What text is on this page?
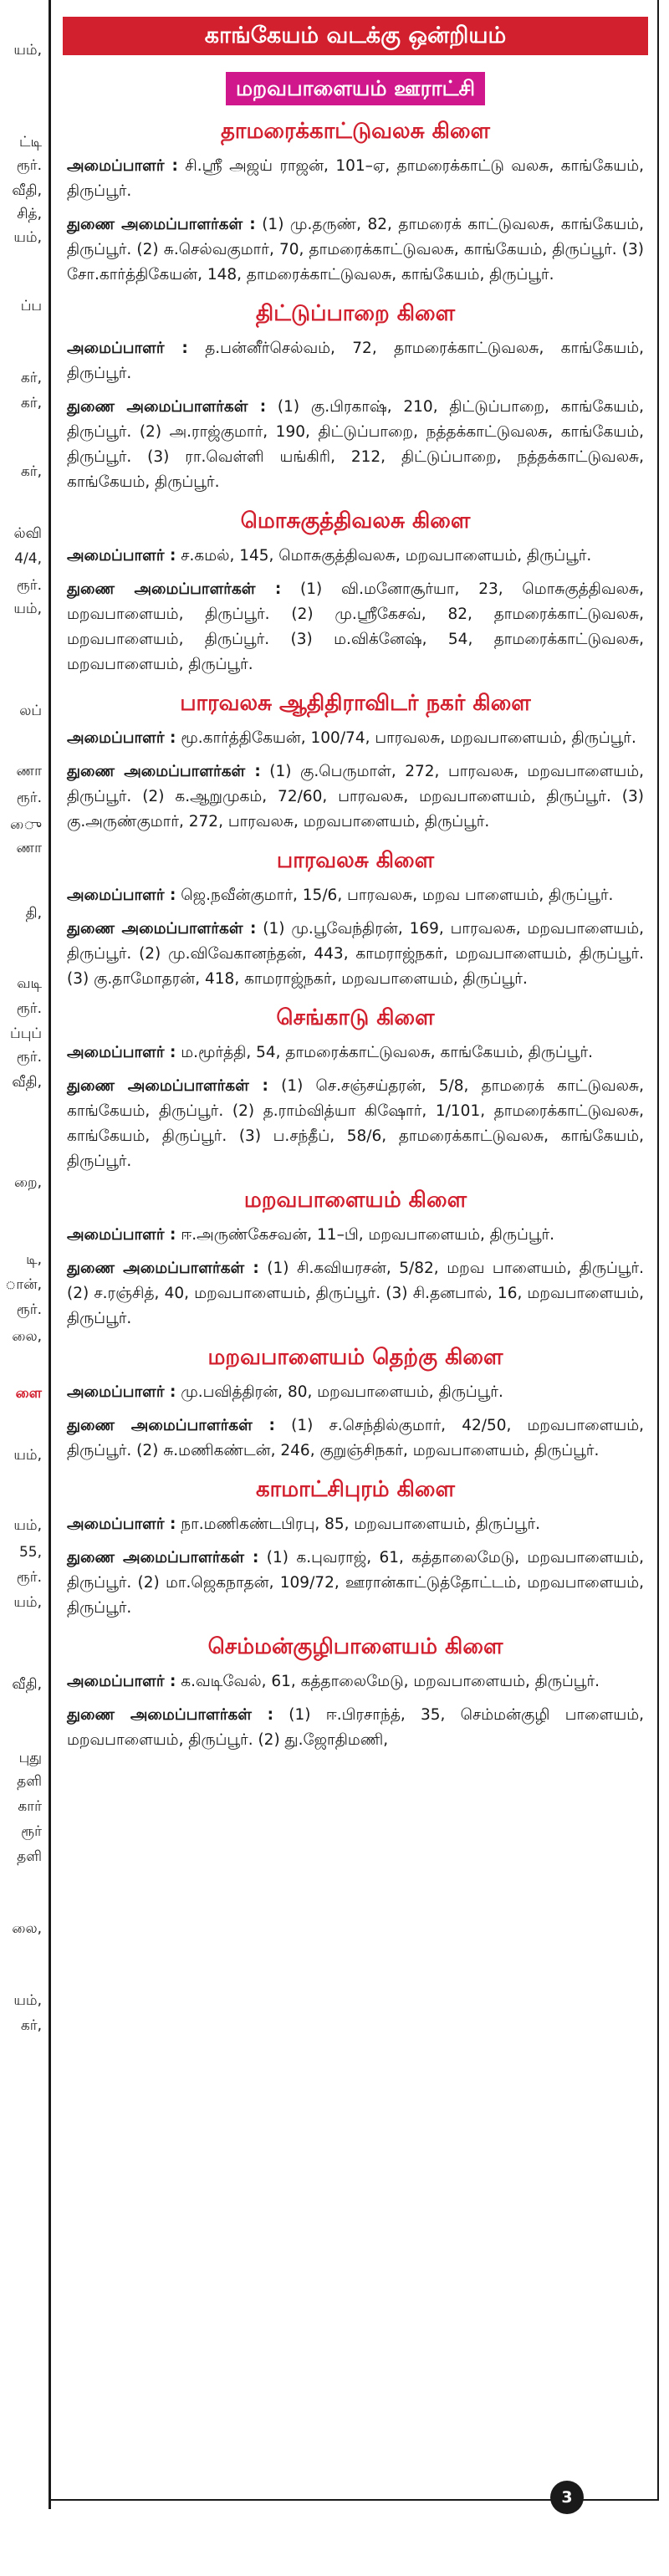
யம்,
ட்டி
ரூர்.
வீதி,
சித்,
யம்,
ப்ப
கர்,
கர்,
கர்,
ல்வி
4/4,
ரூர்.
யம்,
லப்
ணா
ரூர்.
ுை
ணா
தி,
வடி
ரூர்.
ப்புப்
ரூர்.
வீதி,
றை,
டி,
ான்,
ரூர்.
லை,
ளை
யம்,
யம்,
55,
ரூர்.
யம்,
வீதி,
புது
தளி
கார்
ரூர்
தளி
லை,
யம்,
கர்,
காங்கேயம் வடக்கு ஒன்றியம்
மறவபாளையம் ஊராட்சி
தாமரைக்காட்டுவலசு கிளை

அமைப்பாளர் : சி.ஸ்ரீ அஜய் ராஜன், 101–ஏ, தாமரைக்காட்டு வலசு, காங்கேயம், திருப்பூர்.

துணை அமைப்பாளர்கள் : (1) மு.தருண், 82, தாமரைக் காட்டுவலசு, காங்கேயம், திருப்பூர். (2) சு.செல்வகுமார், 70, தாமரைக்காட்டுவலசு, காங்கேயம், திருப்பூர். (3) சோ.கார்த்திகேயன், 148, தாமரைக்காட்டுவலசு, காங்கேயம், திருப்பூர்.

திட்டுப்பாறை கிளை

அமைப்பாளர் : த.பன்னீர்செல்வம், 72, தாமரைக்காட்டுவலசு, காங்கேயம், திருப்பூர்.

துணை அமைப்பாளர்கள் : (1) கு.பிரகாஷ், 210, திட்டுப்பாறை, காங்கேயம், திருப்பூர். (2) அ.ராஜ்குமார், 190, திட்டுப்பாறை, நத்தக்காட்டுவலசு, காங்கேயம், திருப்பூர். (3) ரா.வெள்ளி யங்கிரி, 212, திட்டுப்பாறை, நத்தக்காட்டுவலசு, காங்கேயம், திருப்பூர்.

மொசுகுத்திவலசு கிளை

அமைப்பாளர் : ச.கமல், 145, மொசுகுத்திவலசு, மறவபாளையம், திருப்பூர்.

துணை அமைப்பாளர்கள் : (1) வி.மனோசூர்யா, 23, மொசுகுத்திவலசு, மறவபாளையம், திருப்பூர். (2) மு.ஸ்ரீகேசவ், 82, தாமரைக்காட்டுவலசு, மறவபாளையம், திருப்பூர். (3) ம.விக்னேஷ், 54, தாமரைக்காட்டுவலசு, மறவபாளையம், திருப்பூர்.

பாரவலசு ஆதிதிராவிடர் நகர் கிளை

அமைப்பாளர் : மூ.கார்த்திகேயன், 100/74, பாரவலசு, மறவபாளையம், திருப்பூர்.

துணை அமைப்பாளர்கள் : (1) கு.பெருமாள், 272, பாரவலசு, மறவபாளையம், திருப்பூர். (2) க.ஆறுமுகம், 72/60, பாரவலசு, மறவபாளையம், திருப்பூர். (3) கு.அருண்குமார், 272, பாரவலசு, மறவபாளையம், திருப்பூர்.

பாரவலசு கிளை

அமைப்பாளர் : ஜெ.நவீன்குமார், 15/6, பாரவலசு, மறவ பாளையம், திருப்பூர்.

துணை அமைப்பாளர்கள் : (1) மு.பூவேந்திரன், 169, பாரவலசு, மறவபாளையம், திருப்பூர். (2) மு.விவேகானந்தன், 443, காமராஜ்நகர், மறவபாளையம், திருப்பூர். (3) கு.தாமோதரன், 418, காமராஜ்நகர், மறவபாளையம், திருப்பூர்.

செங்காடு கிளை

அமைப்பாளர் : ம.மூர்த்தி, 54, தாமரைக்காட்டுவலசு, காங்கேயம், திருப்பூர்.

துணை அமைப்பாளர்கள் : (1) செ.சஞ்சய்தரன், 5/8, தாமரைக் காட்டுவலசு, காங்கேயம், திருப்பூர். (2) த.ராம்வித்யா கிஷோர், 1/101, தாமரைக்காட்டுவலசு, காங்கேயம், திருப்பூர். (3) ப.சந்தீப், 58/6, தாமரைக்காட்டுவலசு, காங்கேயம், திருப்பூர்.

மறவபாளையம் கிளை

அமைப்பாளர் : ஈ.அருண்கேசவன், 11–பி, மறவபாளையம், திருப்பூர்.

துணை அமைப்பாளர்கள் : (1) சி.கவியரசன், 5/82, மறவ பாளையம், திருப்பூர். (2) ச.ரஞ்சித், 40, மறவபாளையம், திருப்பூர். (3) சி.தனபால், 16, மறவபாளையம், திருப்பூர்.

மறவபாளையம் தெற்கு கிளை

அமைப்பாளர் : மு.பவித்திரன், 80, மறவபாளையம், திருப்பூர்.

துணை அமைப்பாளர்கள் : (1) ச.செந்தில்குமார், 42/50, மறவபாளையம், திருப்பூர். (2) சு.மணிகண்டன், 246, குறுஞ்சிநகர், மறவபாளையம், திருப்பூர்.

காமாட்சிபுரம் கிளை

அமைப்பாளர் : நா.மணிகண்டபிரபு, 85, மறவபாளையம், திருப்பூர்.

துணை அமைப்பாளர்கள் : (1) க.புவராஜ், 61, கத்தாலைமேடு, மறவபாளையம், திருப்பூர். (2) மா.ஜெகநாதன், 109/72, ஊரான்காட்டுத்தோட்டம், மறவபாளையம், திருப்பூர்.

செம்மன்குழிபாளையம் கிளை

அமைப்பாளர் : க.வடிவேல், 61, கத்தாலைமேடு, மறவபாளையம், திருப்பூர்.

துணை அமைப்பாளர்கள் : (1) ஈ.பிரசாந்த், 35, செம்மன்குழி பாளையம், மறவபாளையம், திருப்பூர். (2) து.ஜோதிமணி,

3
